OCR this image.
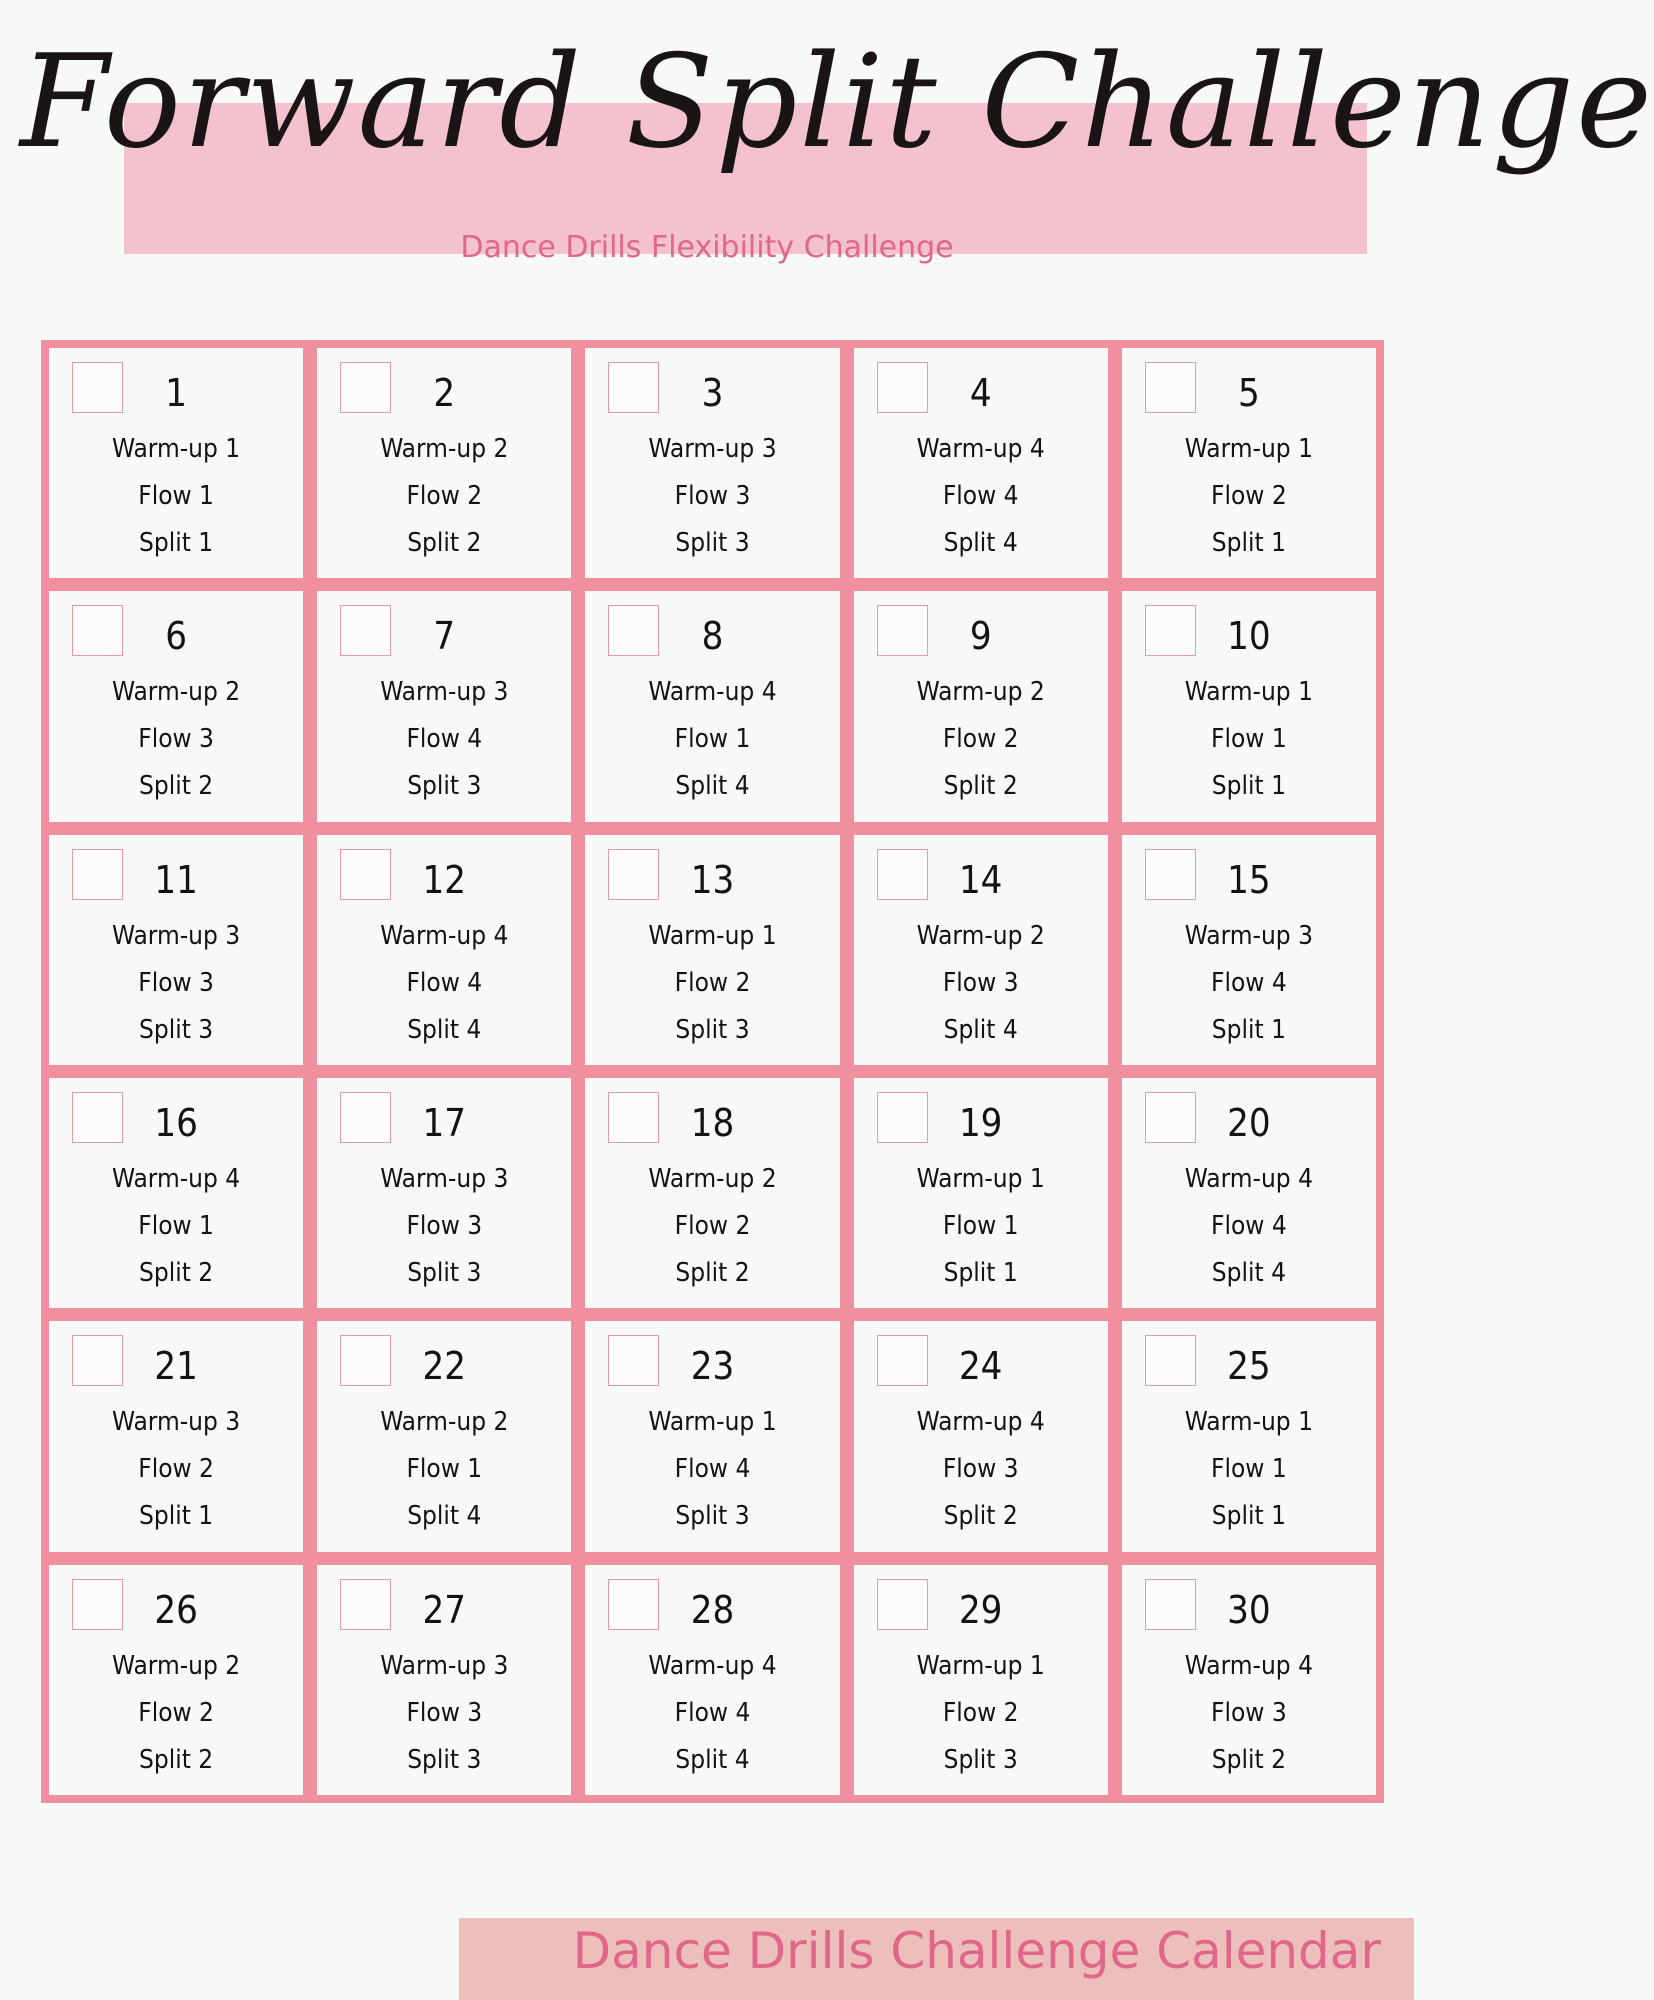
Forward Split Challenge
Dance Drills Flexibility Challenge
1
Warm-up 1
Flow 1
Split 1
2
Warm-up 2
Flow 2
Split 2
3
Warm-up 3
Flow 3
Split 3
4
Warm-up 4
Flow 4
Split 4
5
Warm-up 1
Flow 2
Split 1
6
Warm-up 2
Flow 3
Split 2
7
Warm-up 3
Flow 4
Split 3
8
Warm-up 4
Flow 1
Split 4
9
Warm-up 2
Flow 2
Split 2
10
Warm-up 1
Flow 1
Split 1
11
Warm-up 3
Flow 3
Split 3
12
Warm-up 4
Flow 4
Split 4
13
Warm-up 1
Flow 2
Split 3
14
Warm-up 2
Flow 3
Split 4
15
Warm-up 3
Flow 4
Split 1
16
Warm-up 4
Flow 1
Split 2
17
Warm-up 3
Flow 3
Split 3
18
Warm-up 2
Flow 2
Split 2
19
Warm-up 1
Flow 1
Split 1
20
Warm-up 4
Flow 4
Split 4
21
Warm-up 3
Flow 2
Split 1
22
Warm-up 2
Flow 1
Split 4
23
Warm-up 1
Flow 4
Split 3
24
Warm-up 4
Flow 3
Split 2
25
Warm-up 1
Flow 1
Split 1
26
Warm-up 2
Flow 2
Split 2
27
Warm-up 3
Flow 3
Split 3
28
Warm-up 4
Flow 4
Split 4
29
Warm-up 1
Flow 2
Split 3
30
Warm-up 4
Flow 3
Split 2
Dance Drills Challenge Calendar
